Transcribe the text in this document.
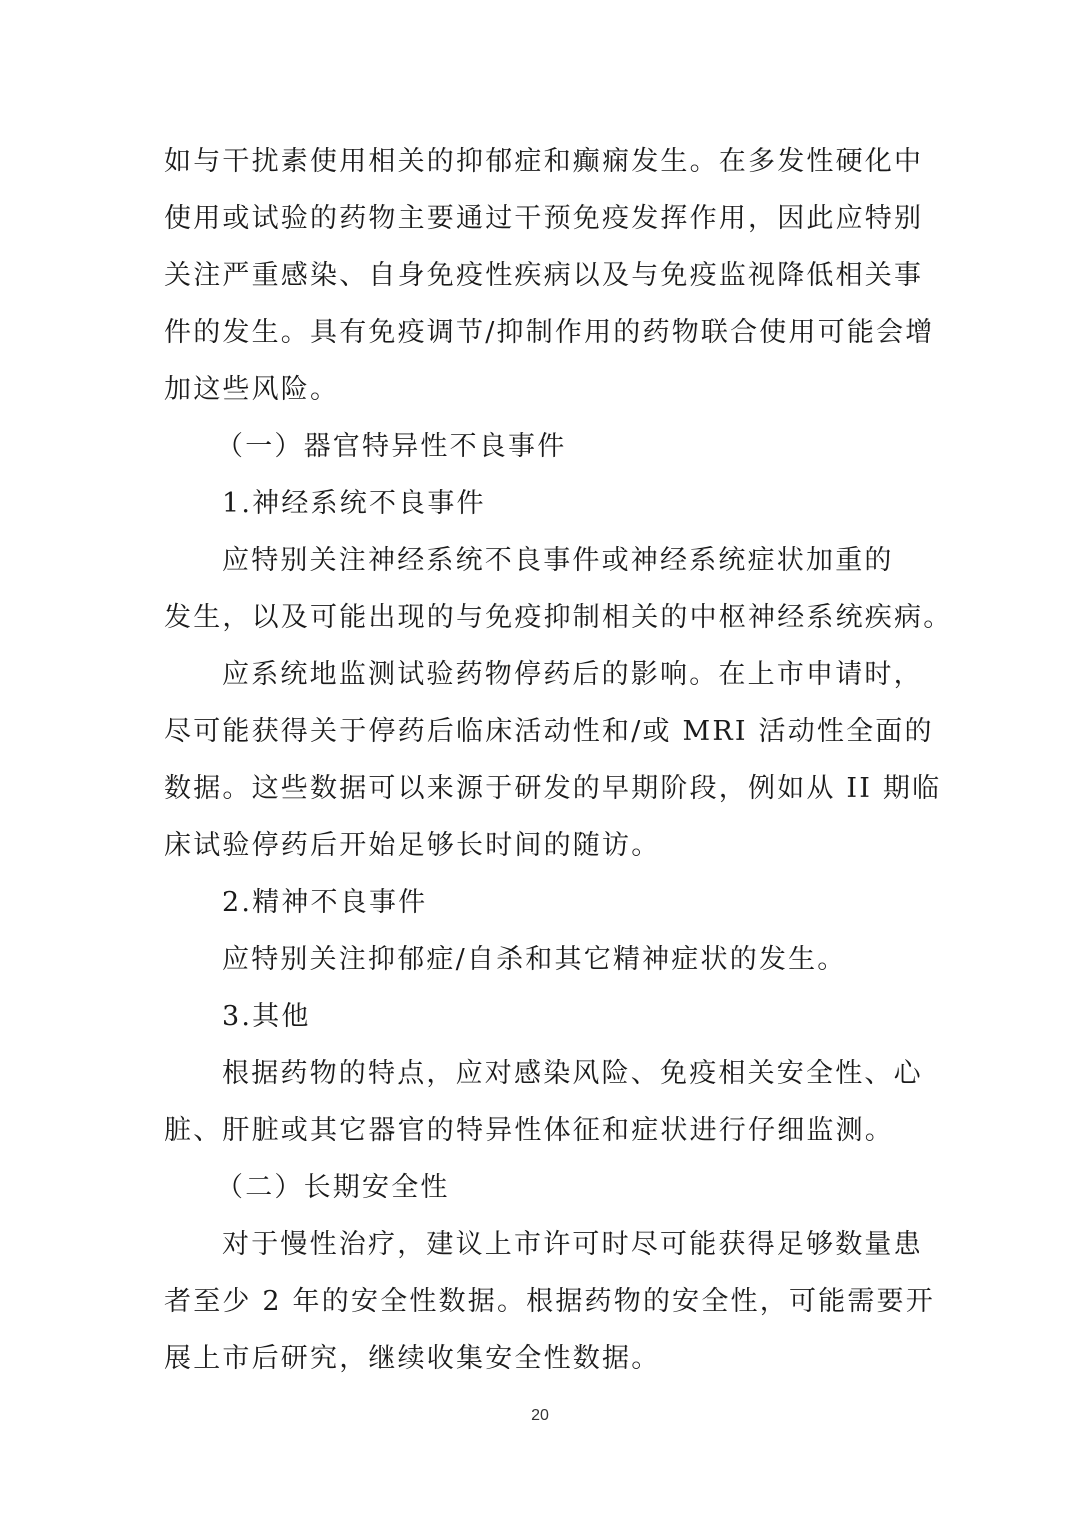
如与干扰素使用相关的抑郁症和癫痫发生。在多发性硬化中
使用或试验的药物主要通过干预免疫发挥作用，因此应特别
关注严重感染、自身免疫性疾病以及与免疫监视降低相关事
件的发生。具有免疫调节/抑制作用的药物联合使用可能会增
加这些风险。
（一）器官特异性不良事件
1.神经系统不良事件
应特别关注神经系统不良事件或神经系统症状加重的
发生，以及可能出现的与免疫抑制相关的中枢神经系统疾病。
应系统地监测试验药物停药后的影响。在上市申请时，
尽可能获得关于停药后临床活动性和/或 MRI 活动性全面的
数据。这些数据可以来源于研发的早期阶段，例如从 II 期临
床试验停药后开始足够长时间的随访。
2.精神不良事件
应特别关注抑郁症/自杀和其它精神症状的发生。
3.其他
根据药物的特点，应对感染风险、免疫相关安全性、心
脏、肝脏或其它器官的特异性体征和症状进行仔细监测。
（二）长期安全性
对于慢性治疗，建议上市许可时尽可能获得足够数量患
者至少 2 年的安全性数据。根据药物的安全性，可能需要开
展上市后研究，继续收集安全性数据。
20
